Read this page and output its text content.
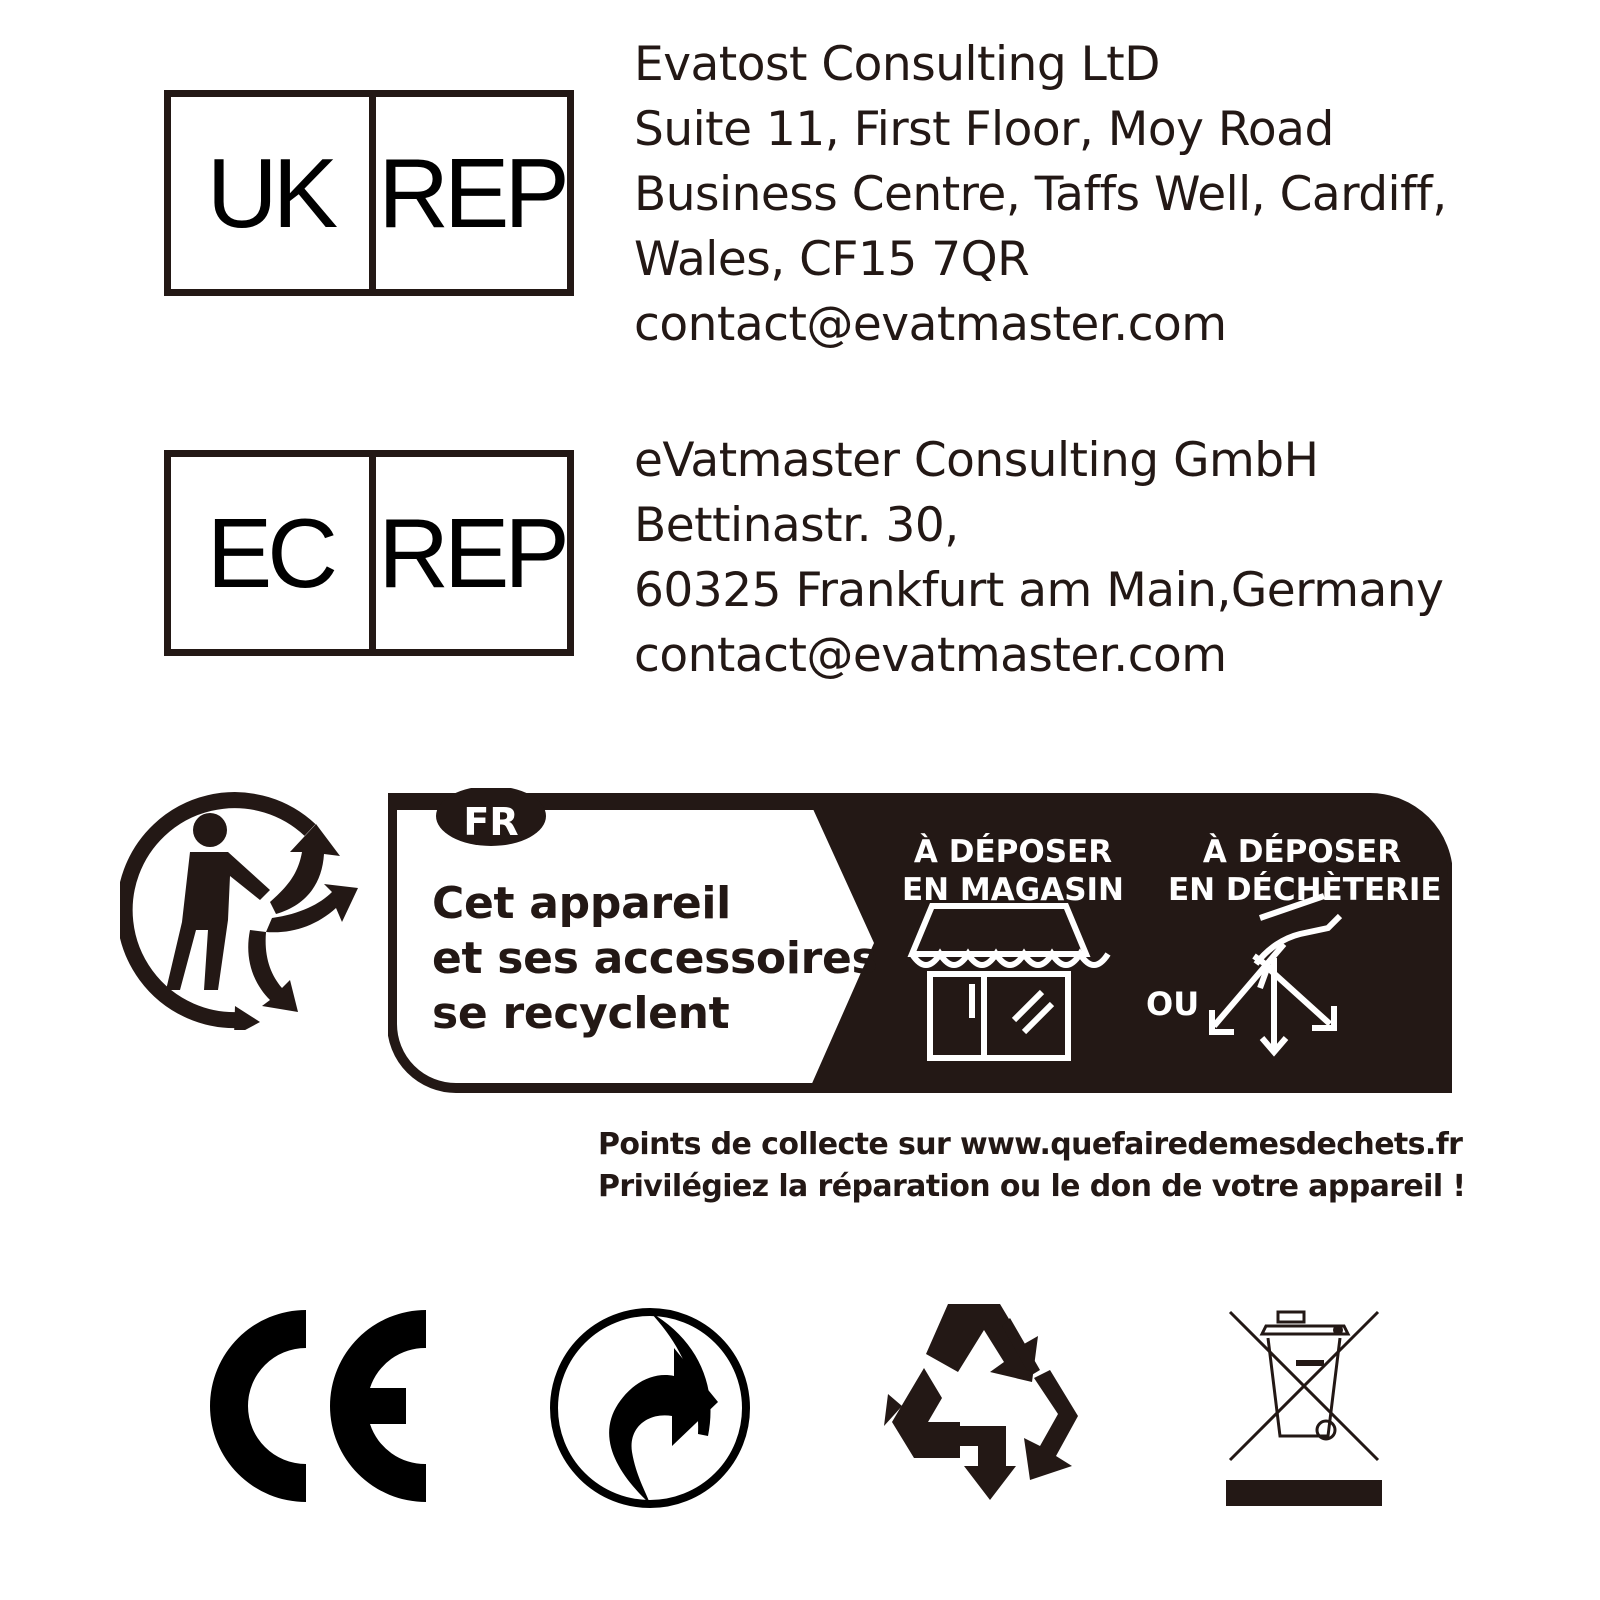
UK REP
Evatost Consulting LtD
Suite 11, First Floor, Moy Road
Business Centre, Taffs Well, Cardiff,
Wales, CF15 7QR
contact@evatmaster.com
EC REP
eVatmaster Consulting GmbH
Bettinastr. 30,
60325 Frankfurt am Main,Germany
contact@evatmaster.com
FR
Cet appareil
et ses accessoires
se recyclent
À DÉPOSER
EN MAGASIN
OU
À DÉPOSER
EN DÉCHÈTERIE
Points de collecte sur www.quefairedemesdechets.fr
Privilégiez la réparation ou le don de votre appareil !
